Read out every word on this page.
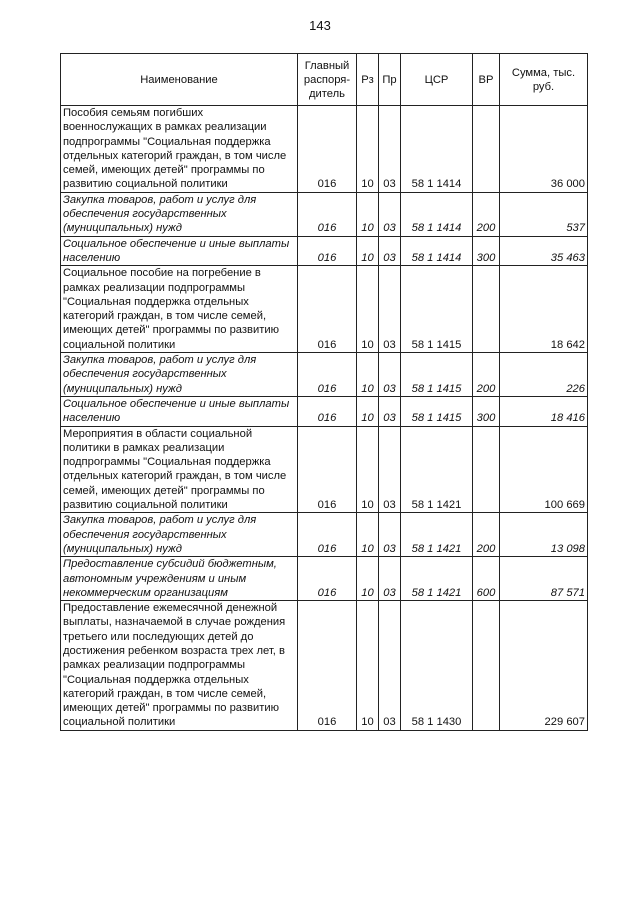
143
Наименование	Главный распоря-дитель	Рз	Пр	ЦСР	ВР	Сумма, тыс. руб.
Пособия семьям погибших военнослужащих в рамках реализации подпрограммы "Социальная поддержка отдельных категорий граждан, в том числе семей, имеющих детей" программы по развитию социальной политики	016	10	03	58 1 1414		36 000
Закупка товаров, работ и услуг для обеспечения государственных (муниципальных) нужд	016	10	03	58 1 1414	200	537
Социальное обеспечение и иные выплаты населению	016	10	03	58 1 1414	300	35 463
Социальное пособие на погребение в рамках реализации подпрограммы "Социальная поддержка отдельных категорий граждан, в том числе семей, имеющих детей" программы по развитию социальной политики	016	10	03	58 1 1415		18 642
Закупка товаров, работ и услуг для обеспечения государственных (муниципальных) нужд	016	10	03	58 1 1415	200	226
Социальное обеспечение и иные выплаты населению	016	10	03	58 1 1415	300	18 416
Мероприятия в области социальной политики в рамках реализации подпрограммы "Социальная поддержка отдельных категорий граждан, в том числе семей, имеющих детей" программы по развитию социальной политики	016	10	03	58 1 1421		100 669
Закупка товаров, работ и услуг для обеспечения государственных (муниципальных) нужд	016	10	03	58 1 1421	200	13 098
Предоставление субсидий бюджетным, автономным учреждениям и иным некоммерческим организациям	016	10	03	58 1 1421	600	87 571
Предоставление ежемесячной денежной выплаты, назначаемой в случае рождения третьего или последующих детей до достижения ребенком возраста трех лет, в рамках реализации подпрограммы "Социальная поддержка отдельных категорий граждан, в том числе семей, имеющих детей" программы по развитию социальной политики	016	10	03	58 1 1430		229 607
